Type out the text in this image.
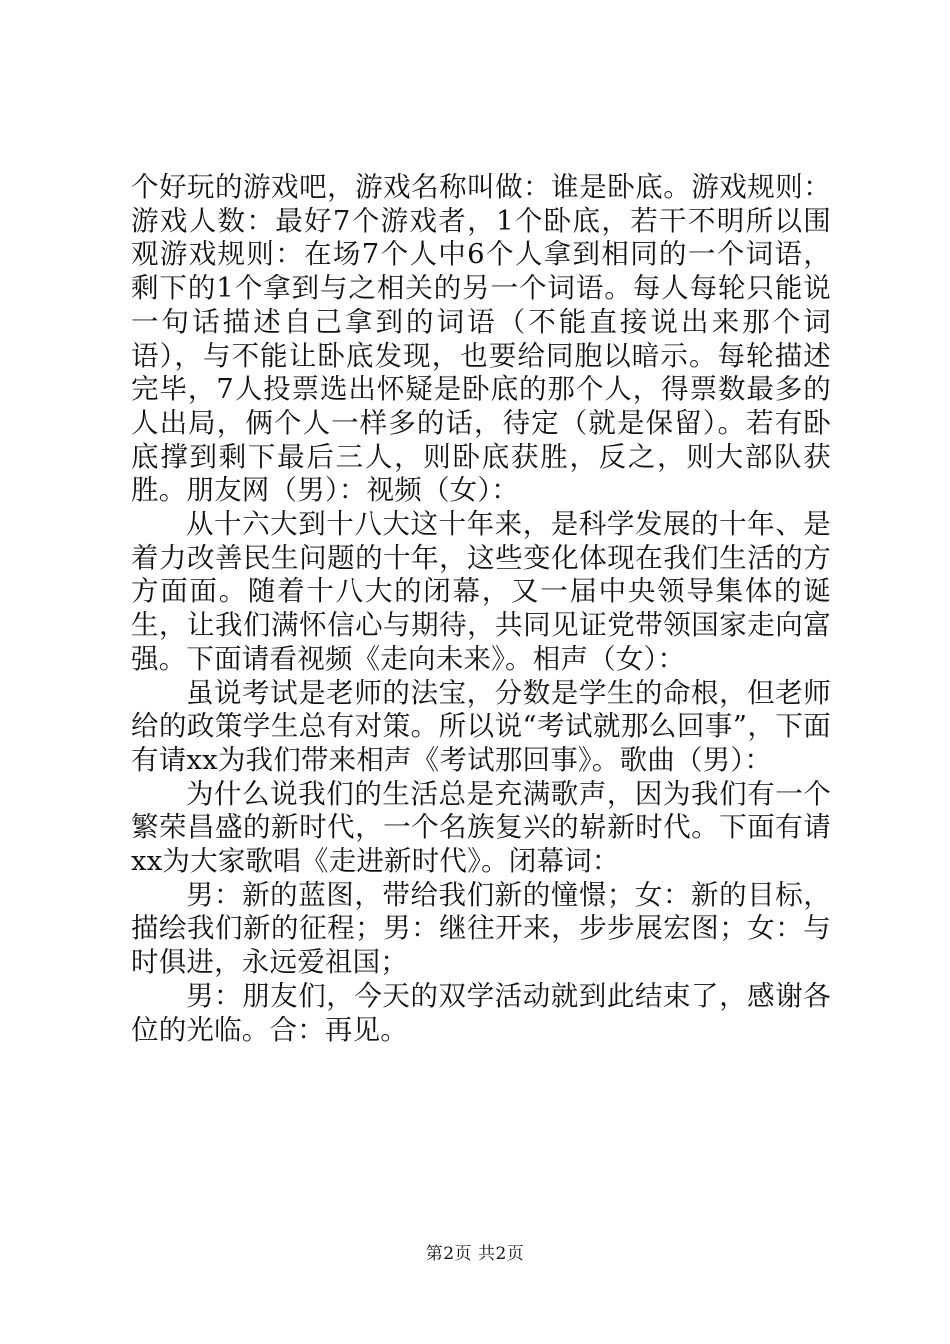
个好玩的游戏吧，游戏名称叫做：谁是卧底。游戏规则：游戏人数：最好7个游戏者，1个卧底，若干不明所以围观游戏规则：在场7个人中6个人拿到相同的一个词语，剩下的1个拿到与之相关的另一个词语。每人每轮只能说一句话描述自己拿到的词语（不能直接说出来那个词语），与不能让卧底发现，也要给同胞以暗示。每轮描述完毕，7人投票选出怀疑是卧底的那个人，得票数最多的人出局，俩个人一样多的话，待定（就是保留）。若有卧底撑到剩下最后三人，则卧底获胜，反之，则大部队获胜。朋友网（男）：视频（女）：

从十六大到十八大这十年来，是科学发展的十年、是着力改善民生问题的十年，这些变化体现在我们生活的方方面面。随着十八大的闭幕，又一届中央领导集体的诞生，让我们满怀信心与期待，共同见证党带领国家走向富强。下面请看视频《走向未来》。相声（女）：

虽说考试是老师的法宝，分数是学生的命根，但老师给的政策学生总有对策。所以说“考试就那么回事”，下面有请xx为我们带来相声《考试那回事》。歌曲（男）：

为什么说我们的生活总是充满歌声，因为我们有一个繁荣昌盛的新时代，一个名族复兴的崭新时代。下面有请xx为大家歌唱《走进新时代》。闭幕词：

男：新的蓝图，带给我们新的憧憬；女：新的目标，描绘我们新的征程；男：继往开来，步步展宏图；女：与时俱进，永远爱祖国；

男：朋友们，今天的双学活动就到此结束了，感谢各位的光临。合：再见。

第2页 共2页
